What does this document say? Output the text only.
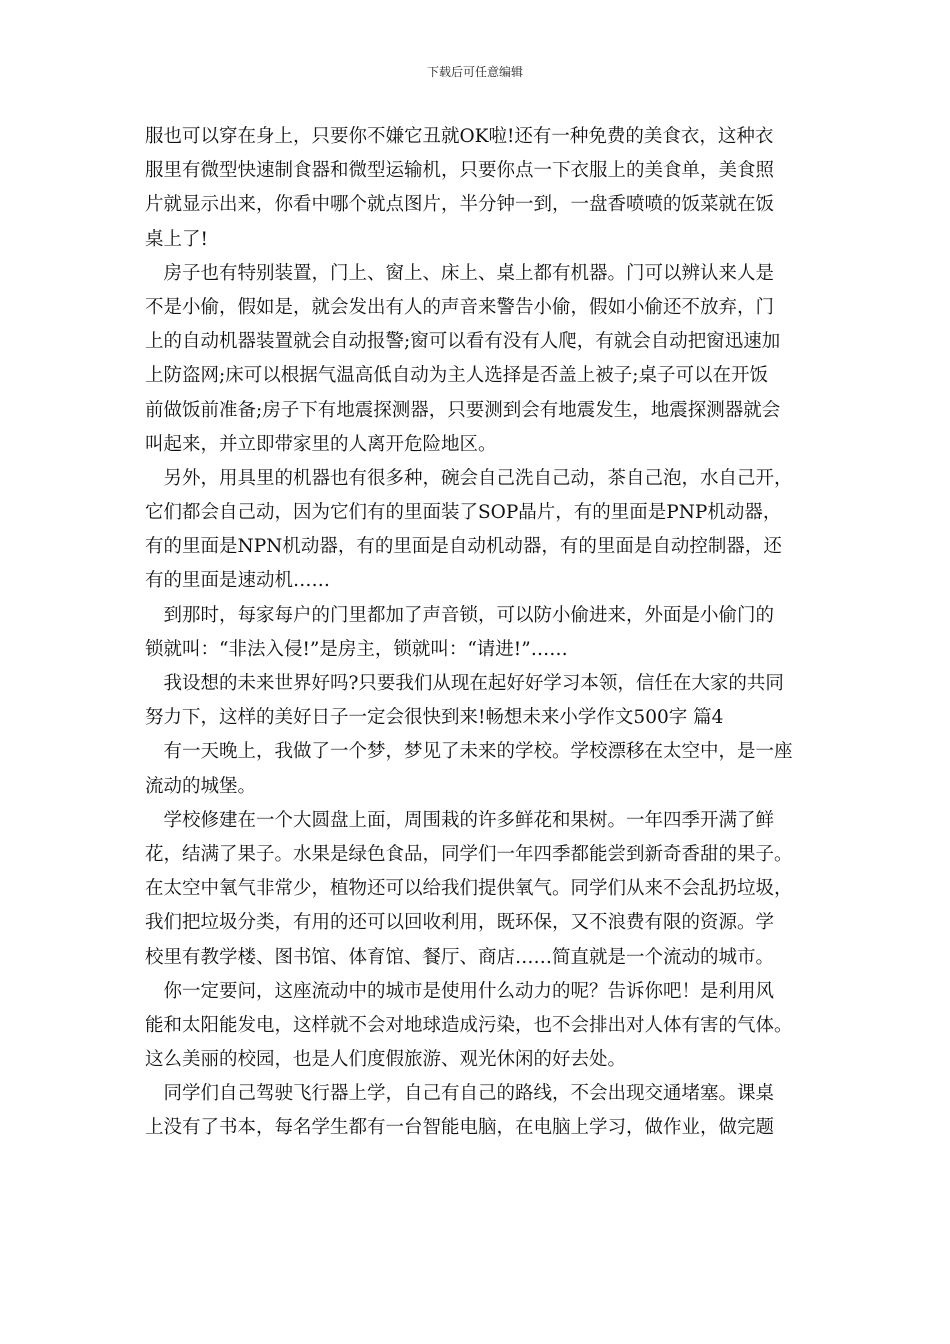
下载后可任意编辑
服也可以穿在身上，只要你不嫌它丑就OK啦!还有一种免费的美食衣，这种衣
服里有微型快速制食器和微型运输机，只要你点一下衣服上的美食单，美食照
片就显示出来，你看中哪个就点图片，半分钟一到，一盘香喷喷的饭菜就在饭
桌上了!
　房子也有特别装置，门上、窗上、床上、桌上都有机器。门可以辨认来人是
不是小偷，假如是，就会发出有人的声音来警告小偷，假如小偷还不放弃，门
上的自动机器装置就会自动报警;窗可以看有没有人爬，有就会自动把窗迅速加
上防盗网;床可以根据气温高低自动为主人选择是否盖上被子;桌子可以在开饭
前做饭前准备;房子下有地震探测器，只要测到会有地震发生，地震探测器就会
叫起来，并立即带家里的人离开危险地区。
　另外，用具里的机器也有很多种，碗会自己洗自己动，茶自己泡，水自己开，
它们都会自己动，因为它们有的里面装了SOP晶片，有的里面是PNP机动器，
有的里面是NPN机动器，有的里面是自动机动器，有的里面是自动控制器，还
有的里面是速动机……
　到那时，每家每户的门里都加了声音锁，可以防小偷进来，外面是小偷门的
锁就叫：“非法入侵!”是房主，锁就叫：“请进!”……
　我设想的未来世界好吗?只要我们从现在起好好学习本领，信任在大家的共同
努力下，这样的美好日子一定会很快到来!畅想未来小学作文500字 篇4
　有一天晚上，我做了一个梦，梦见了未来的学校。学校漂移在太空中，是一座
流动的城堡。
　学校修建在一个大圆盘上面，周围栽的许多鲜花和果树。一年四季开满了鲜
花，结满了果子。水果是绿色食品，同学们一年四季都能尝到新奇香甜的果子。
在太空中氧气非常少，植物还可以给我们提供氧气。同学们从来不会乱扔垃圾，
我们把垃圾分类，有用的还可以回收利用，既环保，又不浪费有限的资源。学
校里有教学楼、图书馆、体育馆、餐厅、商店……简直就是一个流动的城市。
　你一定要问，这座流动中的城市是使用什么动力的呢？告诉你吧！是利用风
能和太阳能发电，这样就不会对地球造成污染，也不会排出对人体有害的气体。
这么美丽的校园，也是人们度假旅游、观光休闲的好去处。
　同学们自己驾驶飞行器上学，自己有自己的路线，不会出现交通堵塞。课桌
上没有了书本，每名学生都有一台智能电脑，在电脑上学习，做作业，做完题
